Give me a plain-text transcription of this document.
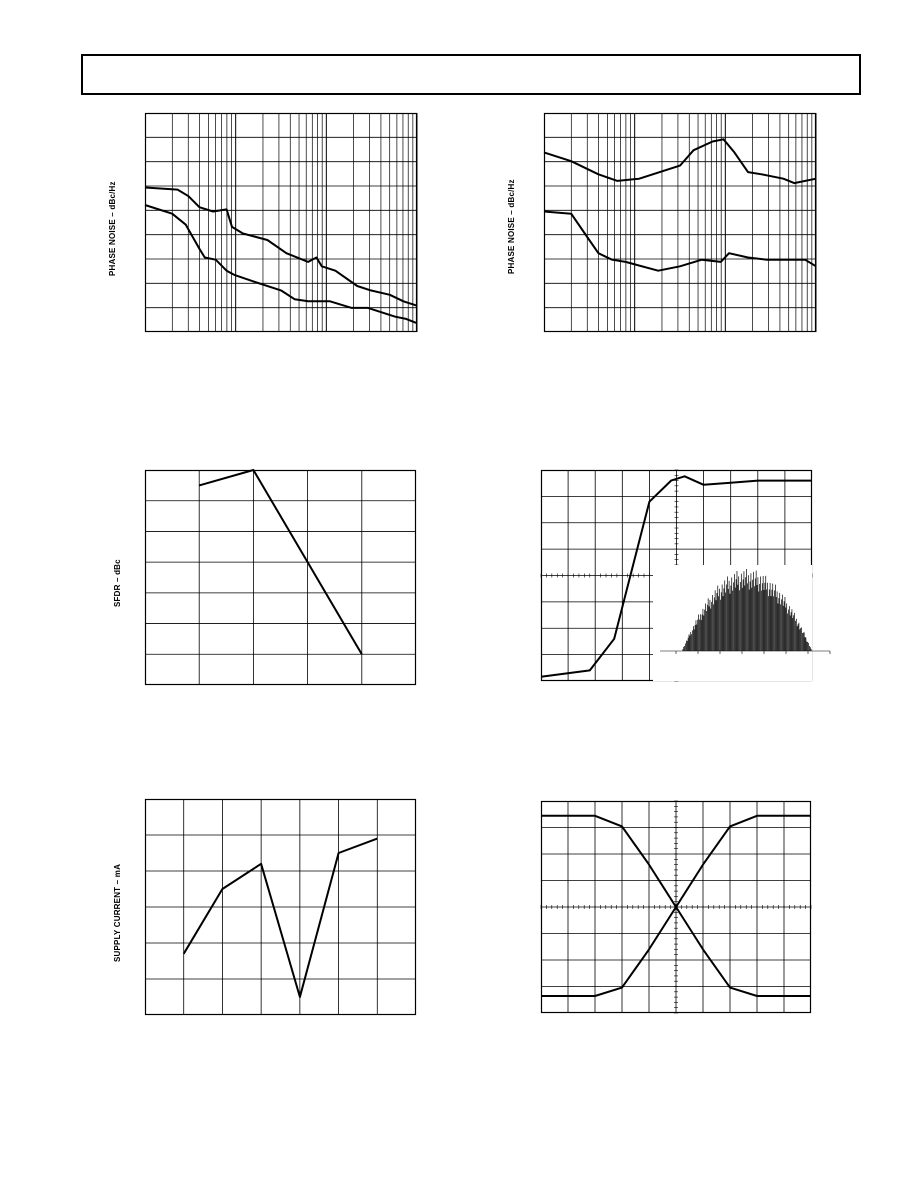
PHASE NOISE – dBc/Hz	PHASE NOISE – dBc/Hz
SFDR – dBc
SUPPLY CURRENT – mA
